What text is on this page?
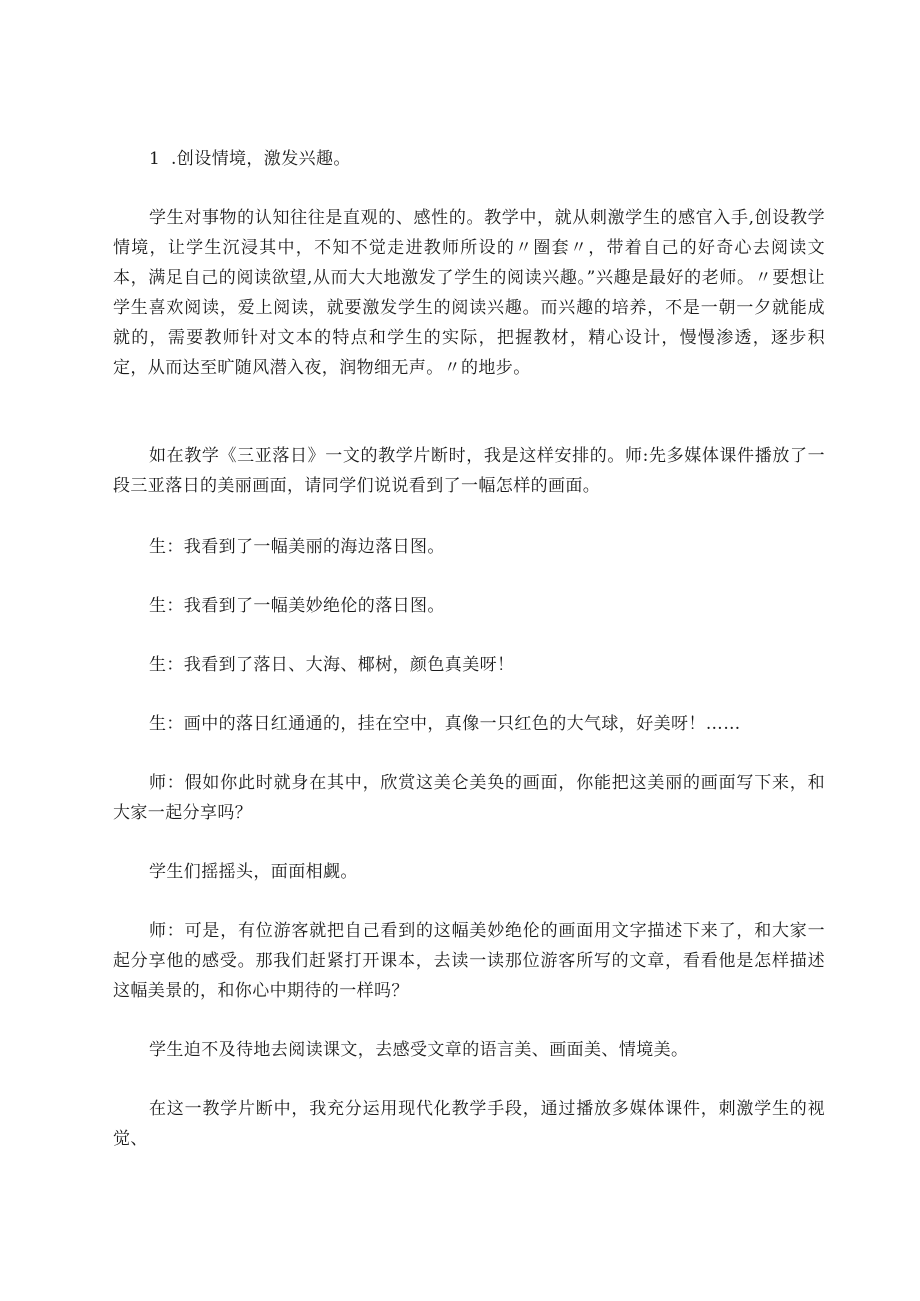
1 .创设情境，激发兴趣。

学生对事物的认知往往是直观的、感性的。教学中，就从刺激学生的感官入手,创设教学情境，让学生沉浸其中，不知不觉走进教师所设的〃圈套〃，带着自己的好奇心去阅读文本，满足自己的阅读欲望,从而大大地激发了学生的阅读兴趣。”兴趣是最好的老师。〃要想让学生喜欢阅读，爱上阅读，就要激发学生的阅读兴趣。而兴趣的培养，不是一朝一夕就能成就的，需要教师针对文本的特点和学生的实际，把握教材，精心设计，慢慢渗透，逐步积定，从而达至旷随风潜入夜，润物细无声。〃的地步。

如在教学《三亚落日》一文的教学片断时，我是这样安排的。师:先多媒体课件播放了一段三亚落日的美丽画面，请同学们说说看到了一幅怎样的画面。

生：我看到了一幅美丽的海边落日图。

生：我看到了一幅美妙绝伦的落日图。

生：我看到了落日、大海、椰树，颜色真美呀！

生：画中的落日红通通的，挂在空中，真像一只红色的大气球，好美呀！……

师：假如你此时就身在其中，欣赏这美仑美奂的画面，你能把这美丽的画面写下来，和大家一起分享吗？

学生们摇摇头，面面相觑。

师：可是，有位游客就把自己看到的这幅美妙绝伦的画面用文字描述下来了，和大家一起分享他的感受。那我们赶紧打开课本，去读一读那位游客所写的文章，看看他是怎样描述这幅美景的，和你心中期待的一样吗？

学生迫不及待地去阅读课文，去感受文章的语言美、画面美、情境美。

在这一教学片断中，我充分运用现代化教学手段，通过播放多媒体课件，刺激学生的视觉、
